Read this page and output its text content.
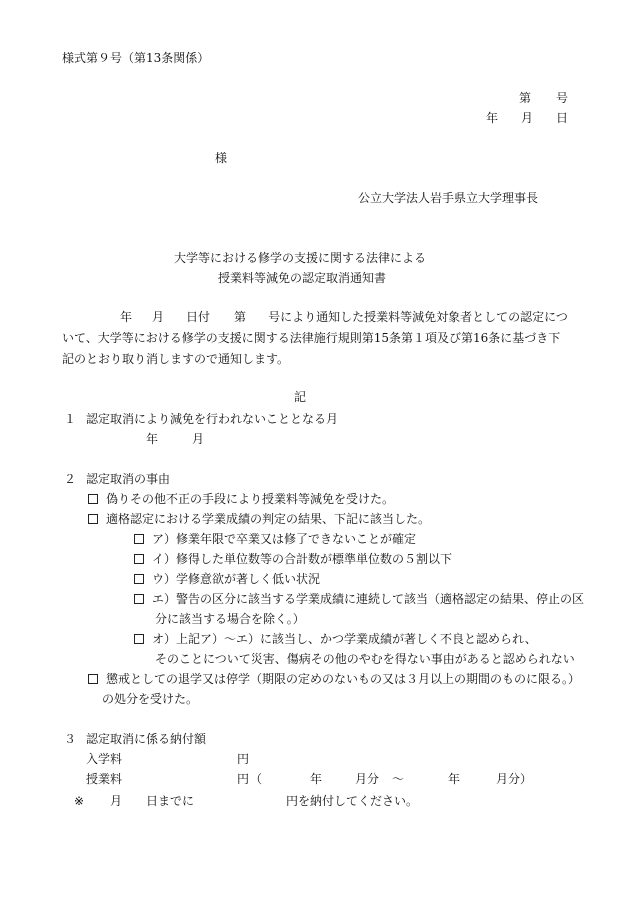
様式第９号（第13条関係）
第 号
年 月 日
様
公立大学法人岩手県立大学理事長
大学等における修学の支援に関する法律による
授業料等減免の認定取消通知書
年 月 日付 第 号により通知した授業料等減免対象者としての認定について、大学等における修学の支援に関する法律施行規則第15条第１項及び第16条に基づき下記のとおり取り消しますので通知します。
記
１ 認定取消により減免を行われないこととなる月
年	月
２ 認定取消の事由
偽りその他不正の手段により授業料等減免を受けた。
適格認定における学業成績の判定の結果、下記に該当した。
ア）修業年限で卒業又は修了できないことが確定
イ）修得した単位数等の合計数が標準単位数の５割以下
ウ）学修意欲が著しく低い状況
エ）警告の区分に該当する学業成績に連続して該当（適格認定の結果、停止の区
分に該当する場合を除く。）
オ）上記ア）～エ）に該当し、かつ学業成績が著しく不良と認められ、
そのことについて災害、傷病その他のやむを得ない事由があると認められない
懲戒としての退学又は停学（期限の定めのないもの又は３月以上の期間のものに限る。）
の処分を受けた。
３ 認定取消に係る納付額
入学料	円
授業料	円 （	年	月分 ～	年	月分）
※ 月 日までに	円を納付してください。
